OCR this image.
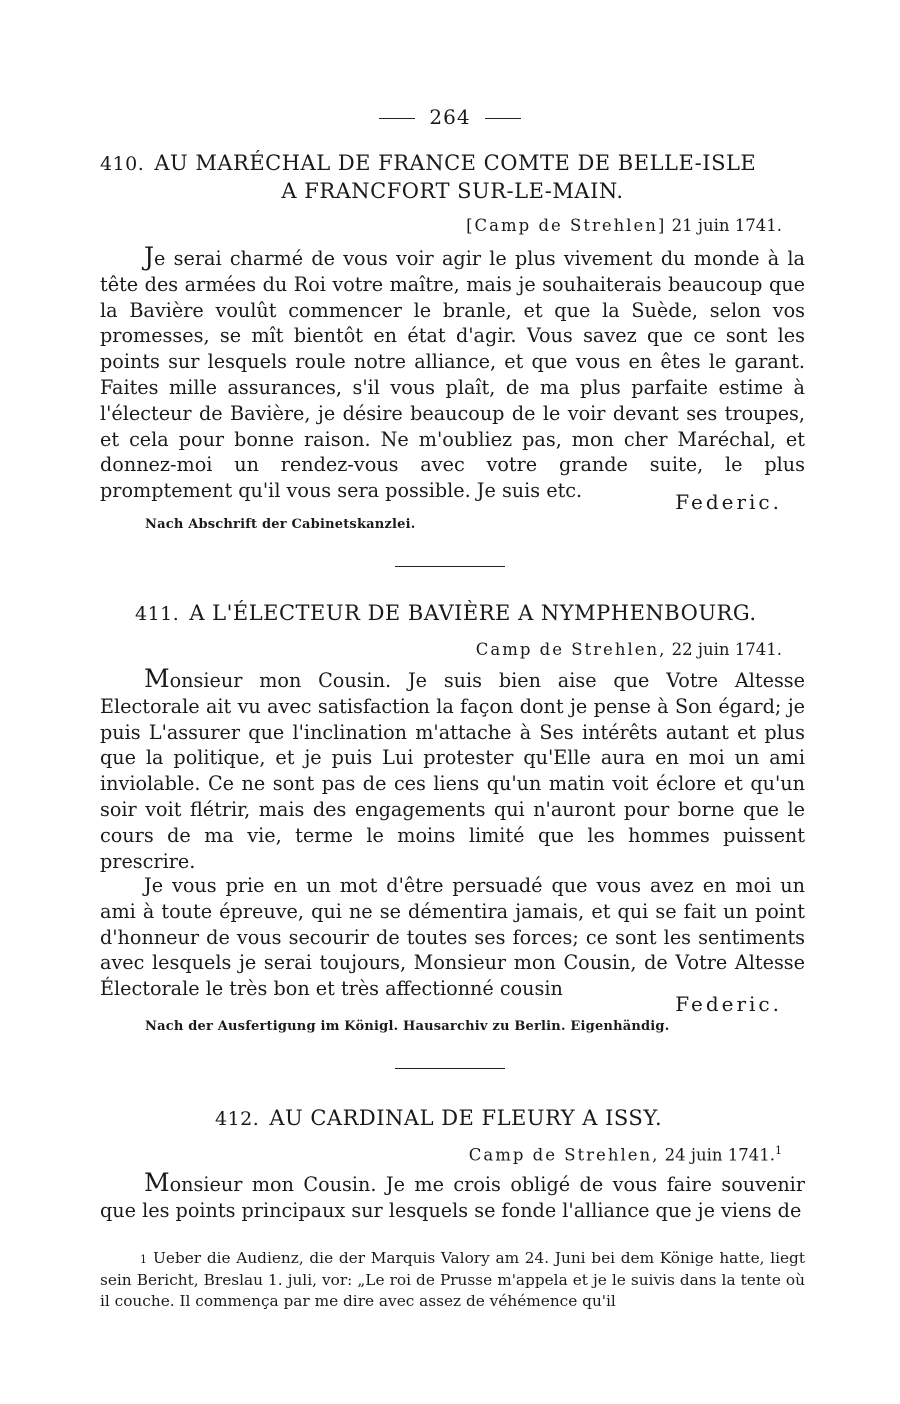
264
410. AU MARÉCHAL DE FRANCE COMTE DE BELLE-ISLE
A FRANCFORT SUR-LE-MAIN.
[Camp de Strehlen] 21 juin 1741.

Je serai charmé de vous voir agir le plus vivement du monde à la tête des armées du Roi votre maître, mais je souhaiterais beaucoup que la Bavière voulût commencer le branle, et que la Suède, selon vos promesses, se mît bientôt en état d'agir. Vous savez que ce sont les points sur lesquels roule notre alliance, et que vous en êtes le garant. Faites mille assurances, s'il vous plaît, de ma plus parfaite estime à l'électeur de Bavière, je désire beaucoup de le voir devant ses troupes, et cela pour bonne raison. Ne m'oubliez pas, mon cher Maréchal, et donnez-moi un rendez-vous avec votre grande suite, le plus promptement qu'il vous sera possible. Je suis etc.	Federic.
Nach Abschrift der Cabinetskanzlei.
411. A L'ÉLECTEUR DE BAVIÈRE A NYMPHENBOURG.
Camp de Strehlen, 22 juin 1741.

Monsieur mon Cousin. Je suis bien aise que Votre Altesse Electorale ait vu avec satisfaction la façon dont je pense à Son égard; je puis L'assurer que l'inclination m'attache à Ses intérêts autant et plus que la politique, et je puis Lui protester qu'Elle aura en moi un ami inviolable. Ce ne sont pas de ces liens qu'un matin voit éclore et qu'un soir voit flétrir, mais des engagements qui n'auront pour borne que le cours de ma vie, terme le moins limité que les hommes puissent prescrire.

Je vous prie en un mot d'être persuadé que vous avez en moi un ami à toute épreuve, qui ne se démentira jamais, et qui se fait un point d'honneur de vous secourir de toutes ses forces; ce sont les sentiments avec lesquels je serai toujours, Monsieur mon Cousin, de Votre Altesse Électorale le très bon et très affectionné cousin

Federic.
Nach der Ausfertigung im Königl. Hausarchiv zu Berlin. Eigenhändig.
412. AU CARDINAL DE FLEURY A ISSY.
Camp de Strehlen, 24 juin 1741.$^1$

Monsieur mon Cousin. Je me crois obligé de vous faire souvenir que les points principaux sur lesquels se fonde l'alliance que je viens de

1 Ueber die Audienz, die der Marquis Valory am 24. Juni bei dem Könige hatte, liegt sein Bericht, Breslau 1. juli, vor: „Le roi de Prusse m'appela et je le suivis dans la tente où il couche. Il commença par me dire avec assez de véhémence qu'il
